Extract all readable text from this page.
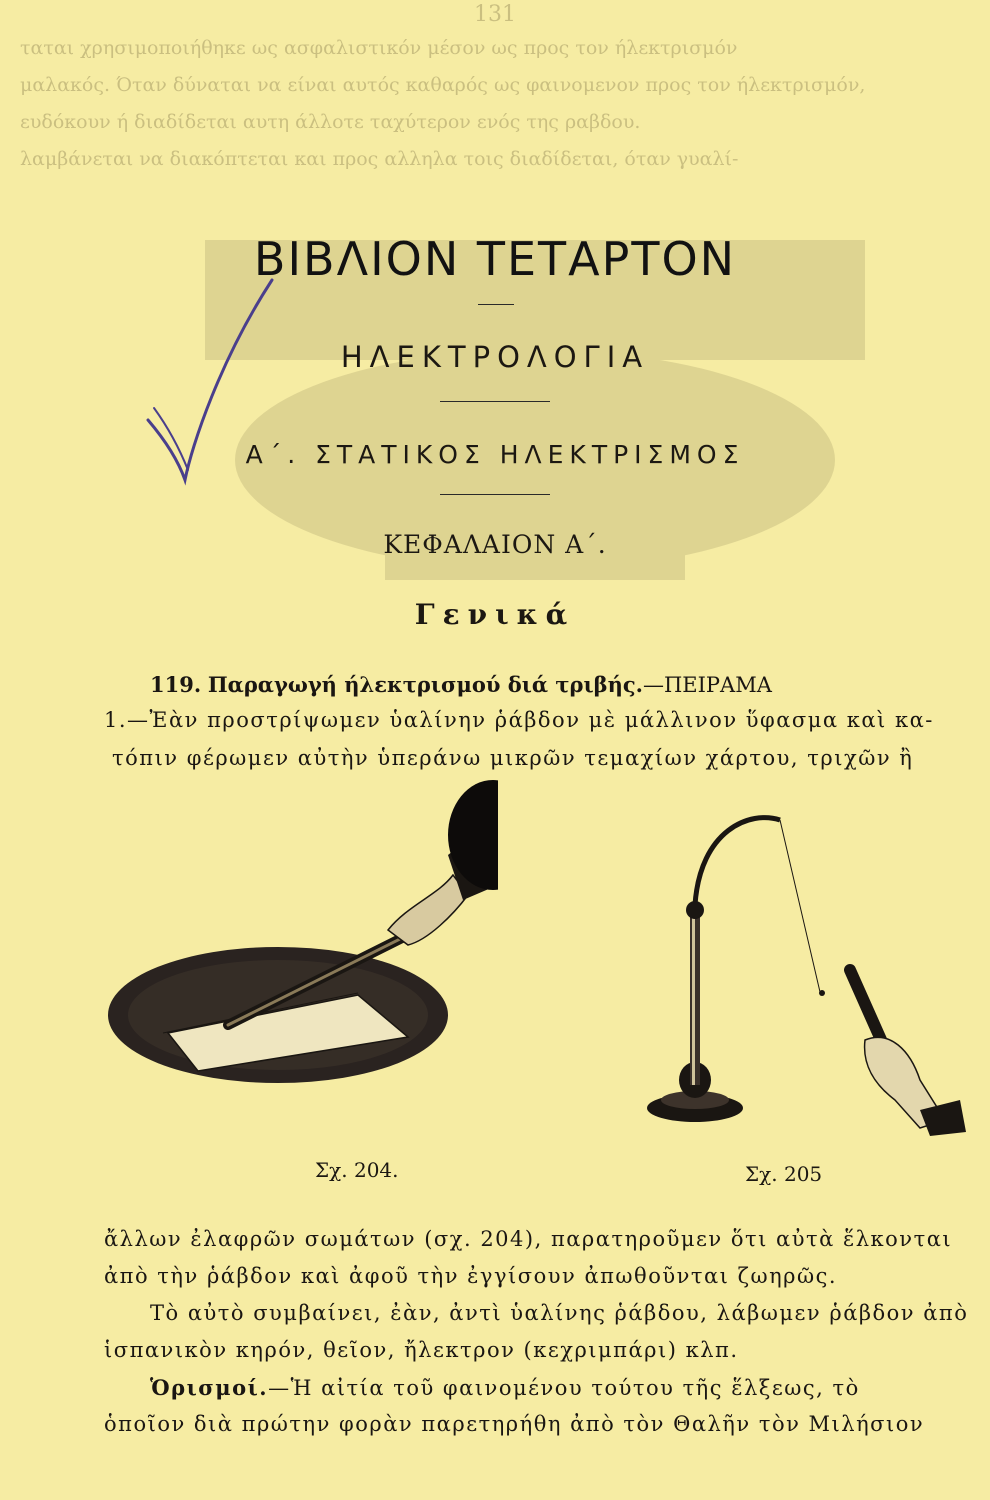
131
ταται χρησιμοποιήθηκε ως ασφαλιστικόν μέσον ως προς τον ήλεκτρισμόν
μαλακός. Όταν δύναται να είναι αυτός καθαρός ως φαινομενον προς τον ήλεκτρισμόν,
ευδόκουν ή διαδίδεται αυτη άλλοτε ταχύτερον ενός της ραβδου.
λαμβάνεται να διακόπτεται και προς αλληλα τοις διαδίδεται, όταν γυαλί-
ΒΙΒΛΙΟΝ ΤΕΤΑΡΤΟΝ
ΗΛΕΚΤΡΟΛΟΓΙΑ
Α΄. ΣΤΑΤΙΚΟΣ ΗΛΕΚΤΡΙΣΜΟΣ
ΚΕΦΑΛΑΙΟΝ Α΄.
Γενικά
119. Παραγωγή ήλεκτρισμού διά τριβής.—ΠΕΙΡΑΜΑ
1.—Ἐὰν προστρίψωμεν ὑαλίνην ῥάβδον μὲ μάλλινον ὕφασμα καὶ κα-
τόπιν φέρωμεν αὐτὴν ὑπεράνω μικρῶν τεμαχίων χάρτου, τριχῶν ἢ
Σχ. 204.	Σχ. 205
ἄλλων ἐλαφρῶν σωμάτων (σχ. 204), παρατηροῦμεν ὅτι αὐτὰ ἕλκονται
ἀπὸ τὴν ῥάβδον καὶ ἀφοῦ τὴν ἐγγίσουν ἀπωθοῦνται ζωηρῶς.
Τὸ αὐτὸ συμβαίνει, ἐὰν, ἀντὶ ὑαλίνης ῥάβδου, λάβωμεν ῥάβδον ἀπὸ
ἱσπανικὸν κηρόν, θεῖον, ἤλεκτρον (κεχριμπάρι) κλπ.
Ὁρισμοί.—Ἡ αἰτία τοῦ φαινομένου τούτου τῆς ἕλξεως, τὸ
ὁποῖον διὰ πρώτην φορὰν παρετηρήθη ἀπὸ τὸν Θαλῆν τὸν Μιλήσιον
